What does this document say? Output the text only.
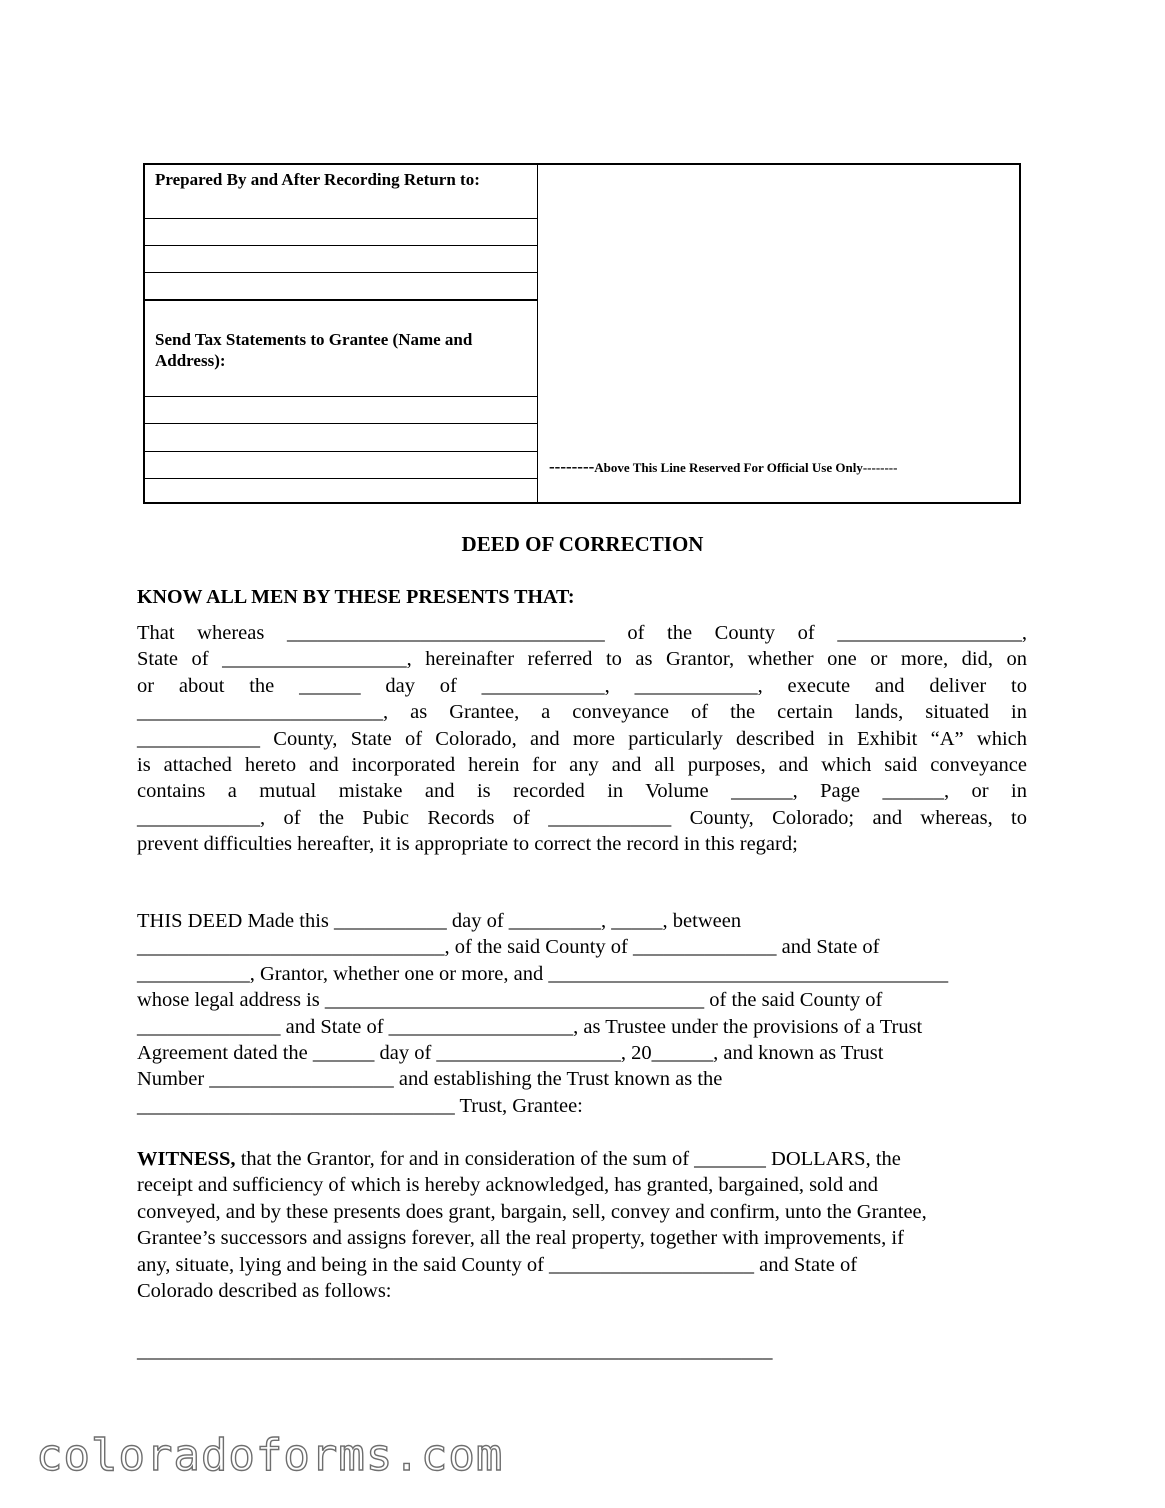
Prepared By and After Recording Return to:
Send Tax Statements to Grantee (Name and Address):
--------Above This Line Reserved For Official Use Only--------
DEED OF CORRECTION
KNOW ALL MEN BY THESE PRESENTS THAT:
That whereas _______________________________ of the County of __________________,
State of __________________, hereinafter referred to as Grantor, whether one or more, did, on
or about the ______ day of ____________, ____________, execute and deliver to
________________________, as Grantee, a conveyance of the certain lands, situated in
____________ County, State of Colorado, and more particularly described in Exhibit “A” which
is attached hereto and incorporated herein for any and all purposes, and which said conveyance
contains a mutual mistake and is recorded in Volume ______, Page ______, or in
____________, of the Pubic Records of ____________ County, Colorado; and whereas, to
prevent difficulties hereafter, it is appropriate to correct the record in this regard;
THIS DEED Made this ___________ day of _________, _____, between
______________________________, of the said County of ______________ and State of
___________, Grantor, whether one or more, and _______________________________________
whose legal address is _____________________________________ of the said County of
______________ and State of __________________, as Trustee under the provisions of a Trust
Agreement dated the ______ day of __________________, 20______, and known as Trust
Number __________________ and establishing the Trust known as the
_______________________________ Trust, Grantee:
WITNESS, that the Grantor, for and in consideration of the sum of _______ DOLLARS, the
receipt and sufficiency of which is hereby acknowledged, has granted, bargained, sold and
conveyed, and by these presents does grant, bargain, sell, convey and confirm, unto the Grantee,
Grantee’s successors and assigns forever, all the real property, together with improvements, if
any, situate, lying and being in the said County of ____________________ and State of
Colorado described as follows:
______________________________________________________________
coloradoforms.com
